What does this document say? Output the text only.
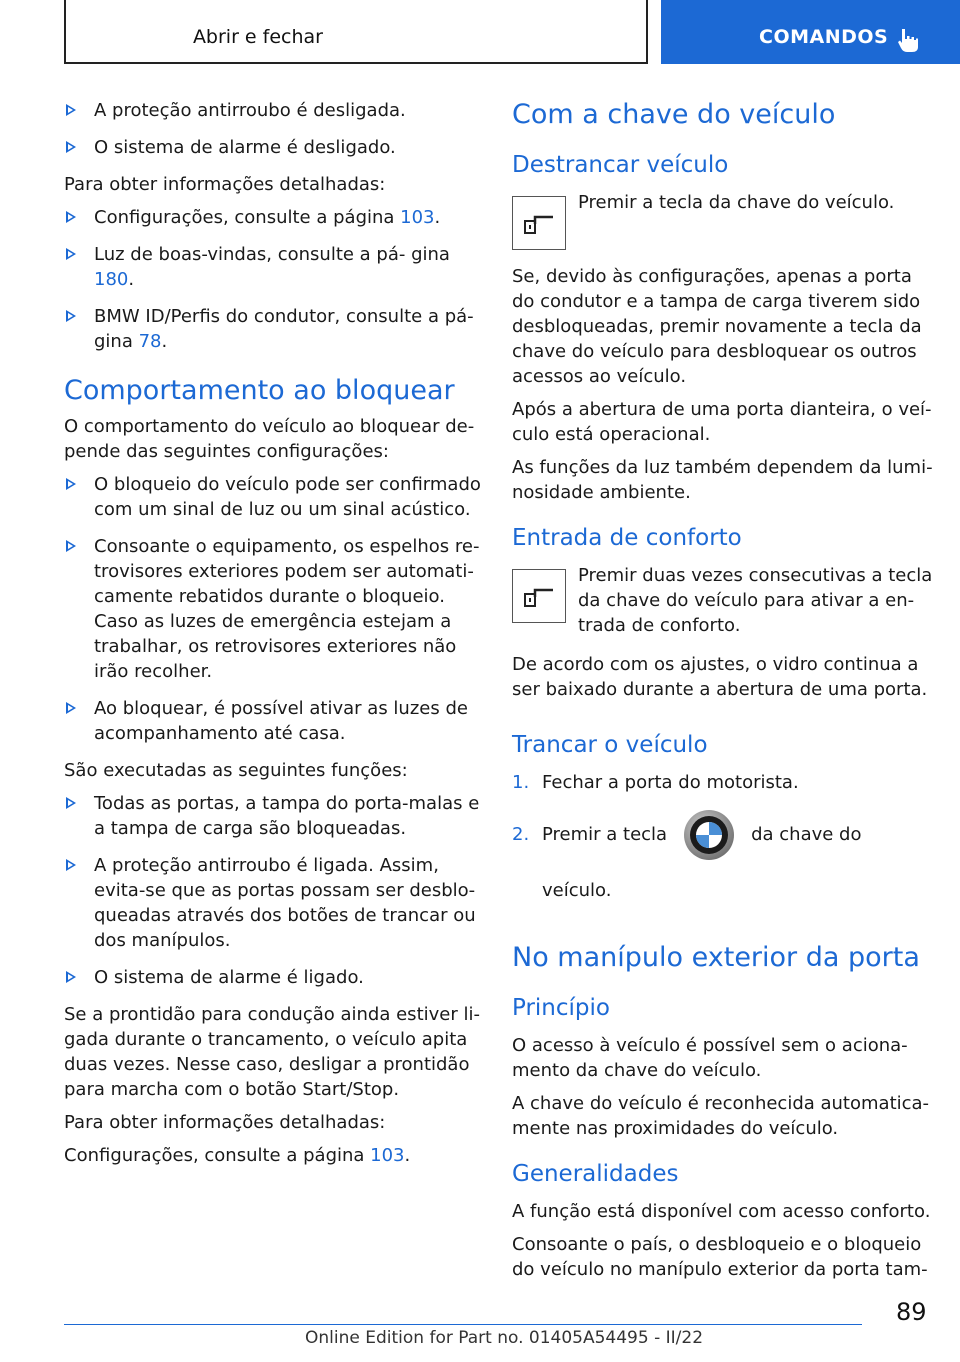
Abrir e fechar	COMANDOS
A proteção antirroubo é desligada.
O sistema de alarme é desligado.

Para obter informações detalhadas:

Configurações, consulte a página 103.
Luz de boas-vindas, consulte a pá‐ gina 180.
BMW ID/Perfis do condutor, consulte a pá‐ gina 78.
Comportamento ao bloquear

O comportamento do veículo ao bloquear de‐ pende das seguintes configurações:

O bloqueio do veículo pode ser confirmado com um sinal de luz ou um sinal acústico.
Consoante o equipamento, os espelhos re‐ trovisores exteriores podem ser automati‐ camente rebatidos durante o bloqueio. Caso as luzes de emergência estejam a trabalhar, os retrovisores exteriores não irão recolher.
Ao bloquear, é possível ativar as luzes de acompanhamento até casa.

São executadas as seguintes funções:

Todas as portas, a tampa do porta-malas e a tampa de carga são bloqueadas.
A proteção antirroubo é ligada. Assim, evita-se que as portas possam ser desblo‐ queadas através dos botões de trancar ou dos manípulos.
O sistema de alarme é ligado.

Se a prontidão para condução ainda estiver li‐ gada durante o trancamento, o veículo apita duas vezes. Nesse caso, desligar a prontidão para marcha com o botão Start/Stop.

Para obter informações detalhadas:

Configurações, consulte a página 103.

Com a chave do veículo
Destrancar veículo
Premir a tecla da chave do veículo.

Se, devido às configurações, apenas a porta do condutor e a tampa de carga tiverem sido desbloqueadas, premir novamente a tecla da chave do veículo para desbloquear os outros acessos ao veículo.

Após a abertura de uma porta dianteira, o veí‐ culo está operacional.

As funções da luz também dependem da lumi‐ nosidade ambiente.

Entrada de conforto
Premir duas vezes consecutivas a tecla da chave do veículo para ativar a en‐ trada de conforto.

De acordo com os ajustes, o vidro continua a ser baixado durante a abertura de uma porta.

Trancar o veículo
1. Fechar a porta do motorista.
2. Premir a tecla	da chave do veículo.
No manípulo exterior da porta
Princípio

O acesso à veículo é possível sem o aciona‐ mento da chave do veículo.

A chave do veículo é reconhecida automatica‐ mente nas proximidades do veículo.

Generalidades

A função está disponível com acesso conforto.

Consoante o país, o desbloqueio e o bloqueio do veículo no manípulo exterior da porta tam‐

89
Online Edition for Part no. 01405A54495 - II/22
